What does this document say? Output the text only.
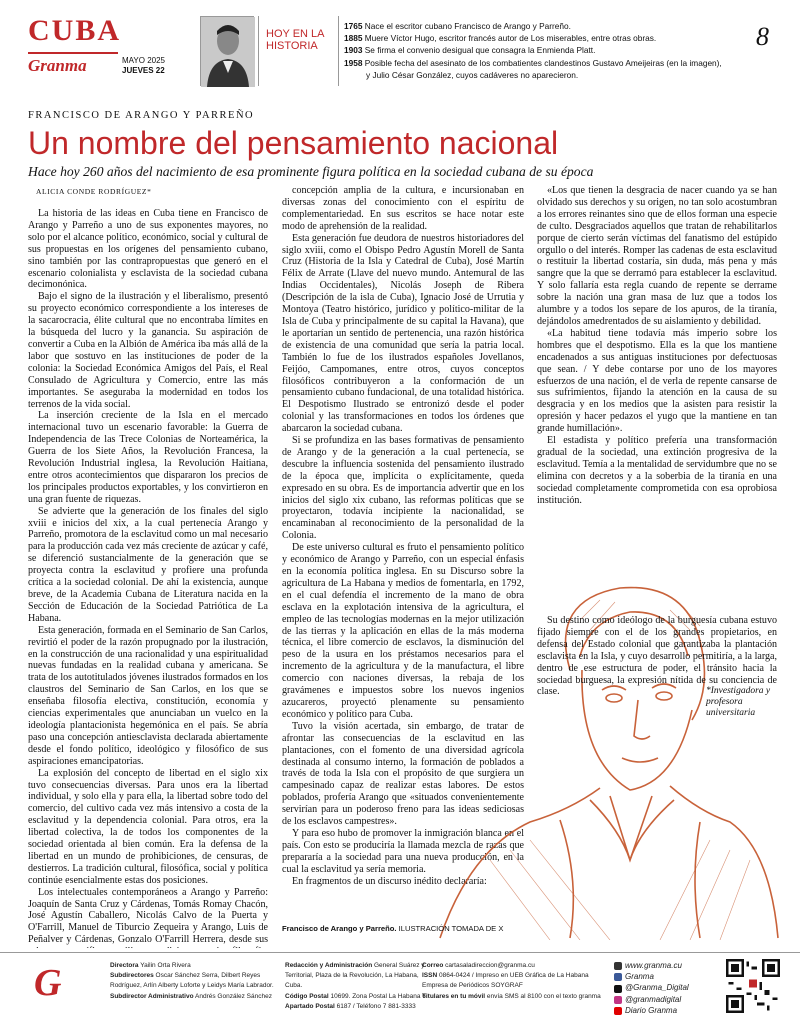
CUBA
Granma	MAYO 2025
JUEVES 22
HOY EN LA HISTORIA
1765 Nace el escritor cubano Francisco de Arango y Parreño.
1885 Muere Víctor Hugo, escritor francés autor de Los miserables, entre otras obras.
1903 Se firma el convenio desigual que consagra la Enmienda Platt.
1958 Posible fecha del asesinato de los combatientes clandestinos Gustavo Ameijeiras (en la imagen),
y Julio César González, cuyos cadáveres no aparecieron.
8
FRANCISCO DE ARANGO Y PARREÑO
Un nombre del pensamiento nacional
Hace hoy 260 años del nacimiento de esa prominente figura política en la sociedad cubana de su época
ALICIA CONDE RODRÍGUEZ*

La historia de las ideas en Cuba tiene en Francisco de Arango y Parreño a uno de sus exponentes mayores, no solo por el alcance político, económico, social y cultural de sus propuestas en los orígenes del pensamiento cubano, sino también por las contrapropuestas que generó en el escenario colonialista y esclavista de la sociedad cubana decimonónica.

Bajo el signo de la ilustración y el liberalismo, presentó su proyecto económico correspondiente a los intereses de la sacarocracia, élite cultural que no encontraba límites en la búsqueda del lucro y la ganancia. Su aspiración de convertir a Cuba en la Albión de América iba más allá de la labor que sostuvo en las instituciones de poder de la colonia: la Sociedad Económica Amigos del País, el Real Consulado de Agricultura y Comercio, entre las más importantes. Se aseguraba la modernidad en todos los terrenos de la vida social.

La inserción creciente de la Isla en el mercado internacional tuvo un escenario favorable: la Guerra de Independencia de las Trece Colonias de Norteamérica, la Guerra de los Siete Años, la Revolución Francesa, la Revolución Industrial inglesa, la Revolución Haitiana, entre otros acontecimientos que dispararon los precios de los principales productos exportables, y los convirtieron en una gran fuente de riquezas.

Se advierte que la generación de los finales del siglo xviii e inicios del xix, a la cual pertenecía Arango y Parreño, promotora de la esclavitud como un mal necesario para la producción cada vez más creciente de azúcar y café, se diferenció sustancialmente de la generación que se proyecta contra la esclavitud y profiere una profunda crítica a la sociedad colonial. De ahí la existencia, aunque breve, de la Academia Cubana de Literatura nacida en la Sección de Educación de la Sociedad Patriótica de La Habana.

Esta generación, formada en el Seminario de San Carlos, revirtió el poder de la razón propugnado por la ilustración, en la construcción de una racionalidad y una espiritualidad nuevas fundadas en la realidad cubana y americana. Se trata de los autotitulados jóvenes ilustrados formados en los claustros del Seminario de San Carlos, en los que se enseñaba filosofía electiva, constitución, economía y ciencias experimentales que anunciaban un vuelco en la ideología plantacionista hegemónica en el país. Se abría paso una concepción antiesclavista declarada abiertamente desde el fondo político, ideológico y filosófico de sus aspiraciones emancipatorias.

La explosión del concepto de libertad en el siglo xix tuvo consecuencias diversas. Para unos era la libertad individual, y solo ella y para ella, la libertad sobre todo del comercio, del cultivo cada vez más intensivo a costa de la esclavitud y la dependencia colonial. Para otros, era la libertad colectiva, la de todos los componentes de la sociedad orientada al bien común. Era la defensa de la libertad en un mundo de prohibiciones, de censuras, de destierros. La tradición cultural, filosófica, social y política continúe esencialmente estas dos posiciones.

Los intelectuales contemporáneos a Arango y Parreño: Joaquín de Santa Cruz y Cárdenas, Tomás Romay Chacón, José Agustín Caballero, Nicolás Calvo de la Puerta y O'Farrill, Manuel de Tiburcio Zequeira y Arango, Luis de Peñalver y Cárdenas, Gonzalo O'Farrill Herrera, desde sus

concepción amplia de la cultura, e incursionaban en diversas zonas del conocimiento con el espíritu de complementariedad. En sus escritos se hace notar este modo de aprehensión de la realidad.

Esta generación fue deudora de nuestros historiadores del siglo xviii, como el Obispo Pedro Agustín Morell de Santa Cruz (Historia de la Isla y Catedral de Cuba), José Martín Félix de Arrate (Llave del nuevo mundo. Antemural de las Indias Occidentales), Nicolás Joseph de Ribera (Descripción de la isla de Cuba), Ignacio José de Urrutia y Montoya (Teatro histórico, jurídico y político-militar de la Isla de Cuba y principalmente de su capital la Havana), que le aportarían un sentido de pertenencia, una razón histórica de existencia de una comunidad que sería la patria local. También lo fue de los ilustrados españoles Jovellanos, Feijóo, Campomanes, entre otros, cuyos conceptos filosóficos contribuyeron a la conformación de un pensamiento cubano fundacional, de una totalidad histórica. El Despotismo Ilustrado se entronizó desde el poder colonial y las transformaciones en todos los órdenes que abarcaron la sociedad cubana.

Si se profundiza en las bases formativas de pensamiento de Arango y de la generación a la cual pertenecía, se descubre la influencia sostenida del pensamiento ilustrado de la época que, implícita o explícitamente, queda expresado en su obra. Es de importancia advertir que en los inicios del siglo xix cubano, las reformas políticas que se proyectaron, todavía incipiente la nacionalidad, se encaminaban al reconocimiento de la personalidad de la Colonia.

De este universo cultural es fruto el pensamiento político y económico de Arango y Parreño, con un especial énfasis en la economía política inglesa. En su Discurso sobre la agricultura de La Habana y medios de fomentarla, en 1792, en el cual defendía el incremento de la mano de obra esclava en la explotación intensiva de la agricultura, el empleo de las tecnologías modernas en la mejor utilización de las tierras y la aplicación en ellas de la más moderna técnica, el libre comercio de esclavos, la disminución del peso de la usura en los préstamos necesarios para el incremento de la agricultura y de la manufactura, el libre comercio con naciones diversas, la rebaja de los gravámenes e impuestos sobre los nuevos ingenios azucareros, proyectó plenamente su pensamiento económico y político para Cuba.

Tuvo la visión acertada, sin embargo, de tratar de afrontar las consecuencias de la esclavitud en las plantaciones, con el fomento de una diversidad agrícola destinada al consumo interno, la formación de poblados a través de toda la Isla con el propósito de que surgiera un campesinado capaz de realizar estas labores. De estos poblados, profería Arango que «situados convenientemente servirían para un poderoso freno para las ideas sediciosas de los esclavos campestres».

Y para eso hubo de promover la inmigración blanca en el país. Con esto se produciría la llamada mezcla de razas que prepararía a la sociedad para una nueva producción, en la cual la esclavitud ya sería memoria.

En fragmentos de un discurso inédito declararía:

«Los que tienen la desgracia de nacer cuando ya se han olvidado sus derechos y su origen, no tan solo acostumbran a los errores reinantes sino que de ellos forman una especie de culto. Desgraciados aquellos que tratan de rehabilitarlos porque de cierto serán víctimas del fanatismo del estúpido orgullo o del interés. Romper las cadenas de esta esclavitud o restituir la libertad costaría, sin duda, más pena y más sangre que la que se derramó para establecer la esclavitud. Y solo fallaría esta regla cuando de repente se derrame sobre la nación una gran masa de luz que a todos los alumbre y a todos los separe de los apuros, de la tiranía, dejándolos amedrentados de su aislamiento y debilidad.

«La habitud tiene todavía más imperio sobre los hombres que el despotismo. Ella es la que los mantiene encadenados a sus antiguas instituciones por defectuosas que sean. / Y debe contarse por uno de los mayores esfuerzos de una nación, el de verla de repente cansarse de sus sufrimientos, fijando la atención en la causa de su desgracia y en los medios que la asisten para resistir la opresión y hacer pedazos el yugo que la mantiene en tan grande humillación».

El estadista y político prefería una transformación gradual de la sociedad, una extinción progresiva de la esclavitud. Temía a la mentalidad de servidumbre que no se elimina con decretos y a la soberbia de la tiranía en una sociedad completamente comprometida con esa oprobiosa institución.

Su destino como ideólogo de la burguesía cubana estuvo fijado siempre con el de los grandes propietarios, en defensa del Estado colonial que garantizaba la plantación esclavista en la Isla, y cuyo desarrollo permitiría, a la larga, dentro de ese estructura de poder, el tránsito hacia la sociedad burguesa, la expresión nítida de su conciencia de clase.	*Investigadora y profesora universitaria
Francisco de Arango y Parreño. ILUSTRACIÓN TOMADA DE X
G	Directora Yailin Orta Rivera
Subdirectores Oscar Sánchez Serra, Dilbert Reyes
Rodríguez, Arlín Alberty Loforte y Leidys María Labrador.
Subdirector Administrativo Andrés González Sánchez
Redacción y Administración General Suárez y
Territorial, Plaza de la Revolución, La Habana, Cuba.
Código Postal 10699. Zona Postal La Habana 6.
Apartado Postal 6187 / Teléfono 7 881-3333
Correo cartasaladireccion@granma.cu
ISSN 0864-0424 / Impreso en UEB Gráfica de La Habana
Empresa de Periódicos SOYGRAF
Titulares en tu móvil envía SMS al 8100 con el texto granma
www.granma.cu
Granma
@Granma_Digital
@granmadigital
Diario Granma
